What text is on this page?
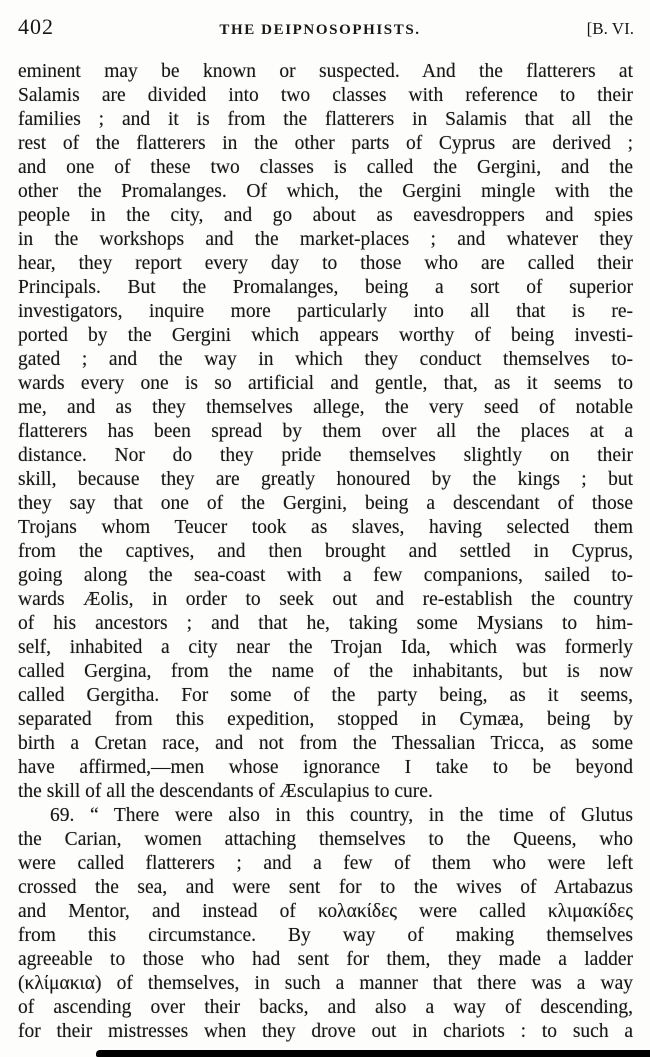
402	THE DEIPNOSOPHISTS.	[B. VI.
eminent may be known or suspected. And the flatterers at
Salamis are divided into two classes with reference to their
families ; and it is from the flatterers in Salamis that all the
rest of the flatterers in the other parts of Cyprus are derived ;
and one of these two classes is called the Gergini, and the
other the Promalanges. Of which, the Gergini mingle with the
people in the city, and go about as eavesdroppers and spies
in the workshops and the market-places ; and whatever they
hear, they report every day to those who are called their
Principals. But the Promalanges, being a sort of superior
investigators, inquire more particularly into all that is re-
ported by the Gergini which appears worthy of being investi-
gated ; and the way in which they conduct themselves to-
wards every one is so artificial and gentle, that, as it seems to
me, and as they themselves allege, the very seed of notable
flatterers has been spread by them over all the places at a
distance. Nor do they pride themselves slightly on their
skill, because they are greatly honoured by the kings ; but
they say that one of the Gergini, being a descendant of those
Trojans whom Teucer took as slaves, having selected them
from the captives, and then brought and settled in Cyprus,
going along the sea-coast with a few companions, sailed to-
wards Æolis, in order to seek out and re-establish the country
of his ancestors ; and that he, taking some Mysians to him-
self, inhabited a city near the Trojan Ida, which was formerly
called Gergina, from the name of the inhabitants, but is now
called Gergitha. For some of the party being, as it seems,
separated from this expedition, stopped in Cymæa, being by
birth a Cretan race, and not from the Thessalian Tricca, as some
have affirmed,—men whose ignorance I take to be beyond
the skill of all the descendants of Æsculapius to cure.
69. “ There were also in this country, in the time of Glutus
the Carian, women attaching themselves to the Queens, who
were called flatterers ; and a few of them who were left
crossed the sea, and were sent for to the wives of Artabazus
and Mentor, and instead of κολακίδες were called κλιμακίδες
from this circumstance. By way of making themselves
agreeable to those who had sent for them, they made a ladder
(κλίμακια) of themselves, in such a manner that there was a way
of ascending over their backs, and also a way of descending,
for their mistresses when they drove out in chariots : to such a
